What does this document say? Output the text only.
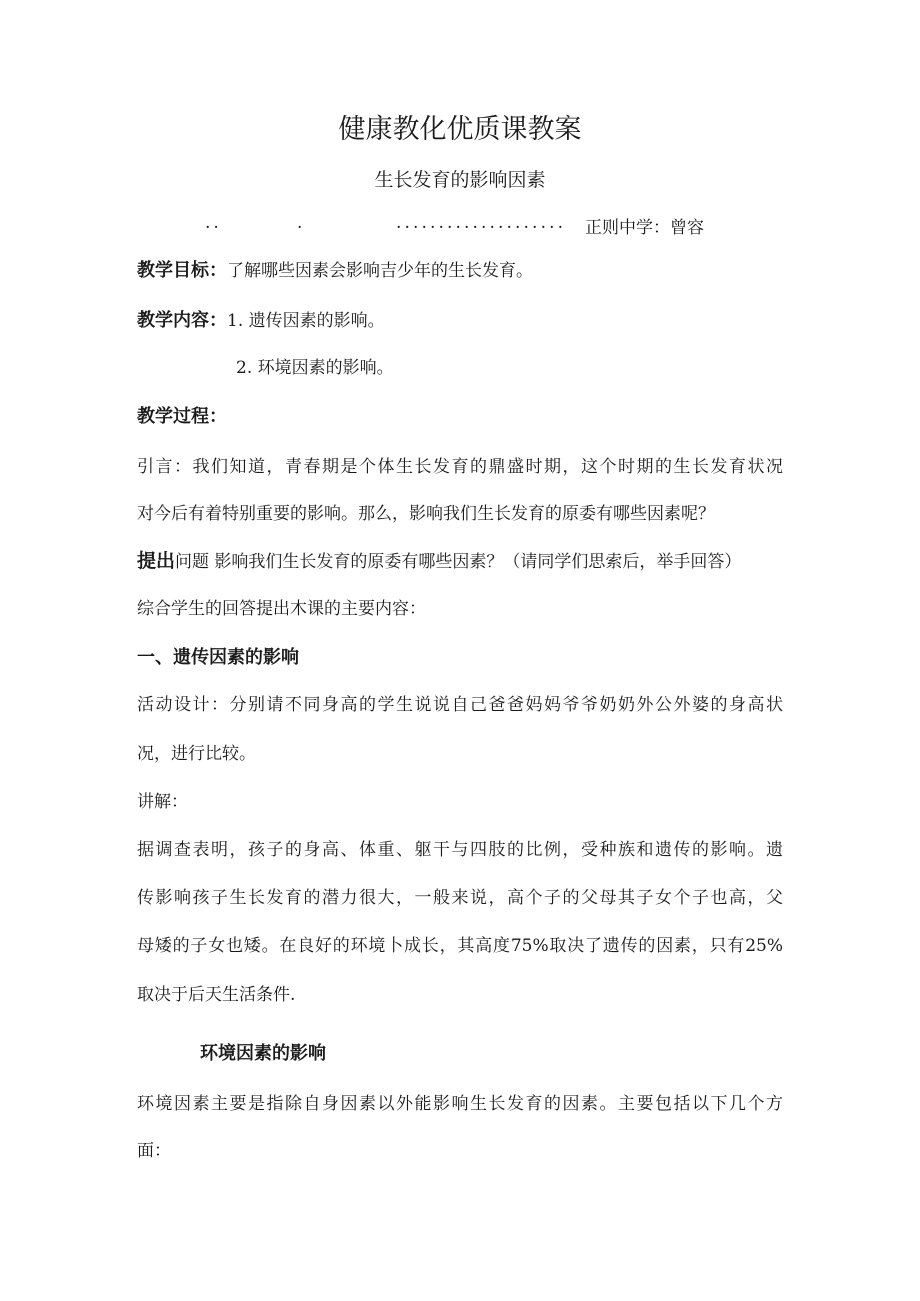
健康教化优质课教案
生长发育的影响因素
..	.	.................... 正则中学：曾容
教学目标：了解哪些因素会影响吉少年的生长发育。
教学内容：1. 遗传因素的影响。
2. 环境因素的影响。
教学过程：
引言：我们知道，青春期是个体生长发育的鼎盛时期，这个时期的生长发育状况
对今后有着特别重要的影响。那么，影响我们生长发育的原委有哪些因素呢？
提出问题 影响我们生长发育的原委有哪些因素？（请同学们思索后，举手回答）
综合学生的回答提出木课的主要内容：
一、遗传因素的影响
活动设计：分别请不同身高的学生说说自己爸爸妈妈爷爷奶奶外公外婆的身高状
况，进行比较。
讲解：
据调查表明，孩子的身高、体重、躯干与四肢的比例，受种族和遗传的影响。遗
传影响孩子生长发育的潜力很大，一般来说，高个子的父母其子女个子也高，父
母矮的子女也矮。在良好的环境卜成长，其高度75%取决了遗传的因素，只有25%
取决于后天生活条件.
环境因素的影响
环境因素主要是指除自身因素以外能影响生长发育的因素。主要包括以下几个方
面：
